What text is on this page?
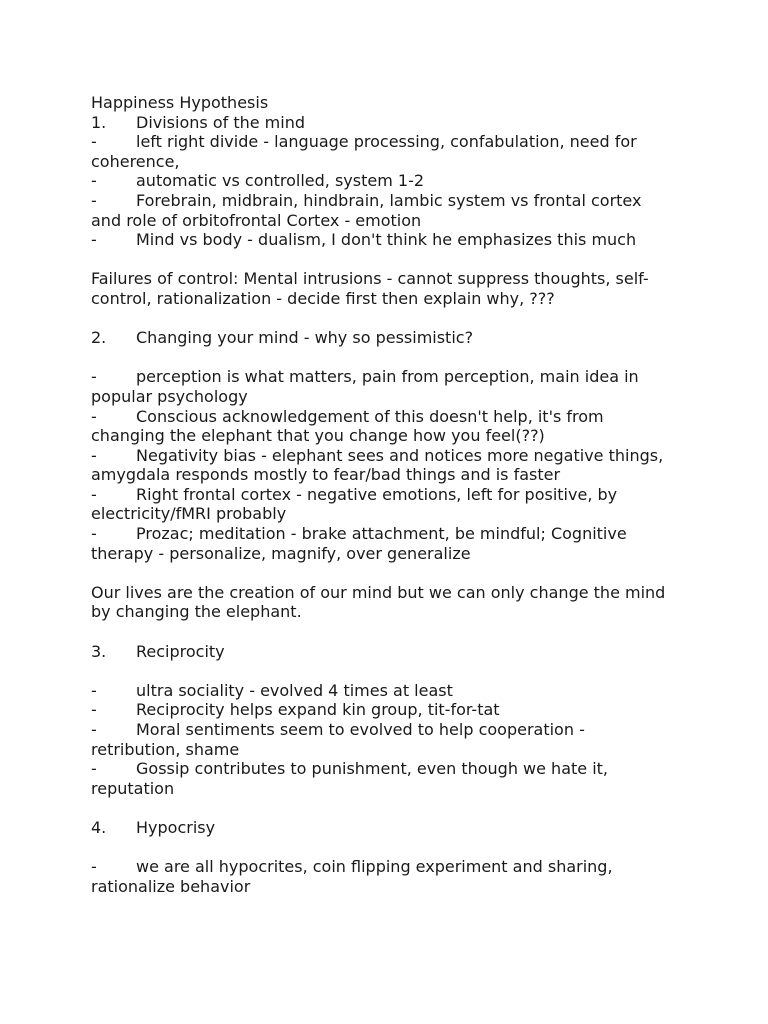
Happiness Hypothesis
1. Divisions of the mind
- left right divide - language processing, confabulation, need for
coherence,
- automatic vs controlled, system 1-2
- Forebrain, midbrain, hindbrain, lambic system vs frontal cortex
and role of orbitofrontal Cortex - emotion
- Mind vs body - dualism, I don't think he emphasizes this much
Failures of control: Mental intrusions - cannot suppress thoughts, self-
control, rationalization - decide first then explain why, ???
2. Changing your mind - why so pessimistic?
- perception is what matters, pain from perception, main idea in
popular psychology
- Conscious acknowledgement of this doesn't help, it's from
changing the elephant that you change how you feel(??)
- Negativity bias - elephant sees and notices more negative things,
amygdala responds mostly to fear/bad things and is faster
- Right frontal cortex - negative emotions, left for positive, by
electricity/fMRI probably
- Prozac; meditation - brake attachment, be mindful; Cognitive
therapy - personalize, magnify, over generalize
Our lives are the creation of our mind but we can only change the mind
by changing the elephant.
3. Reciprocity
- ultra sociality - evolved 4 times at least
- Reciprocity helps expand kin group, tit-for-tat
- Moral sentiments seem to evolved to help cooperation -
retribution, shame
- Gossip contributes to punishment, even though we hate it,
reputation
4. Hypocrisy
- we are all hypocrites, coin flipping experiment and sharing,
rationalize behavior
